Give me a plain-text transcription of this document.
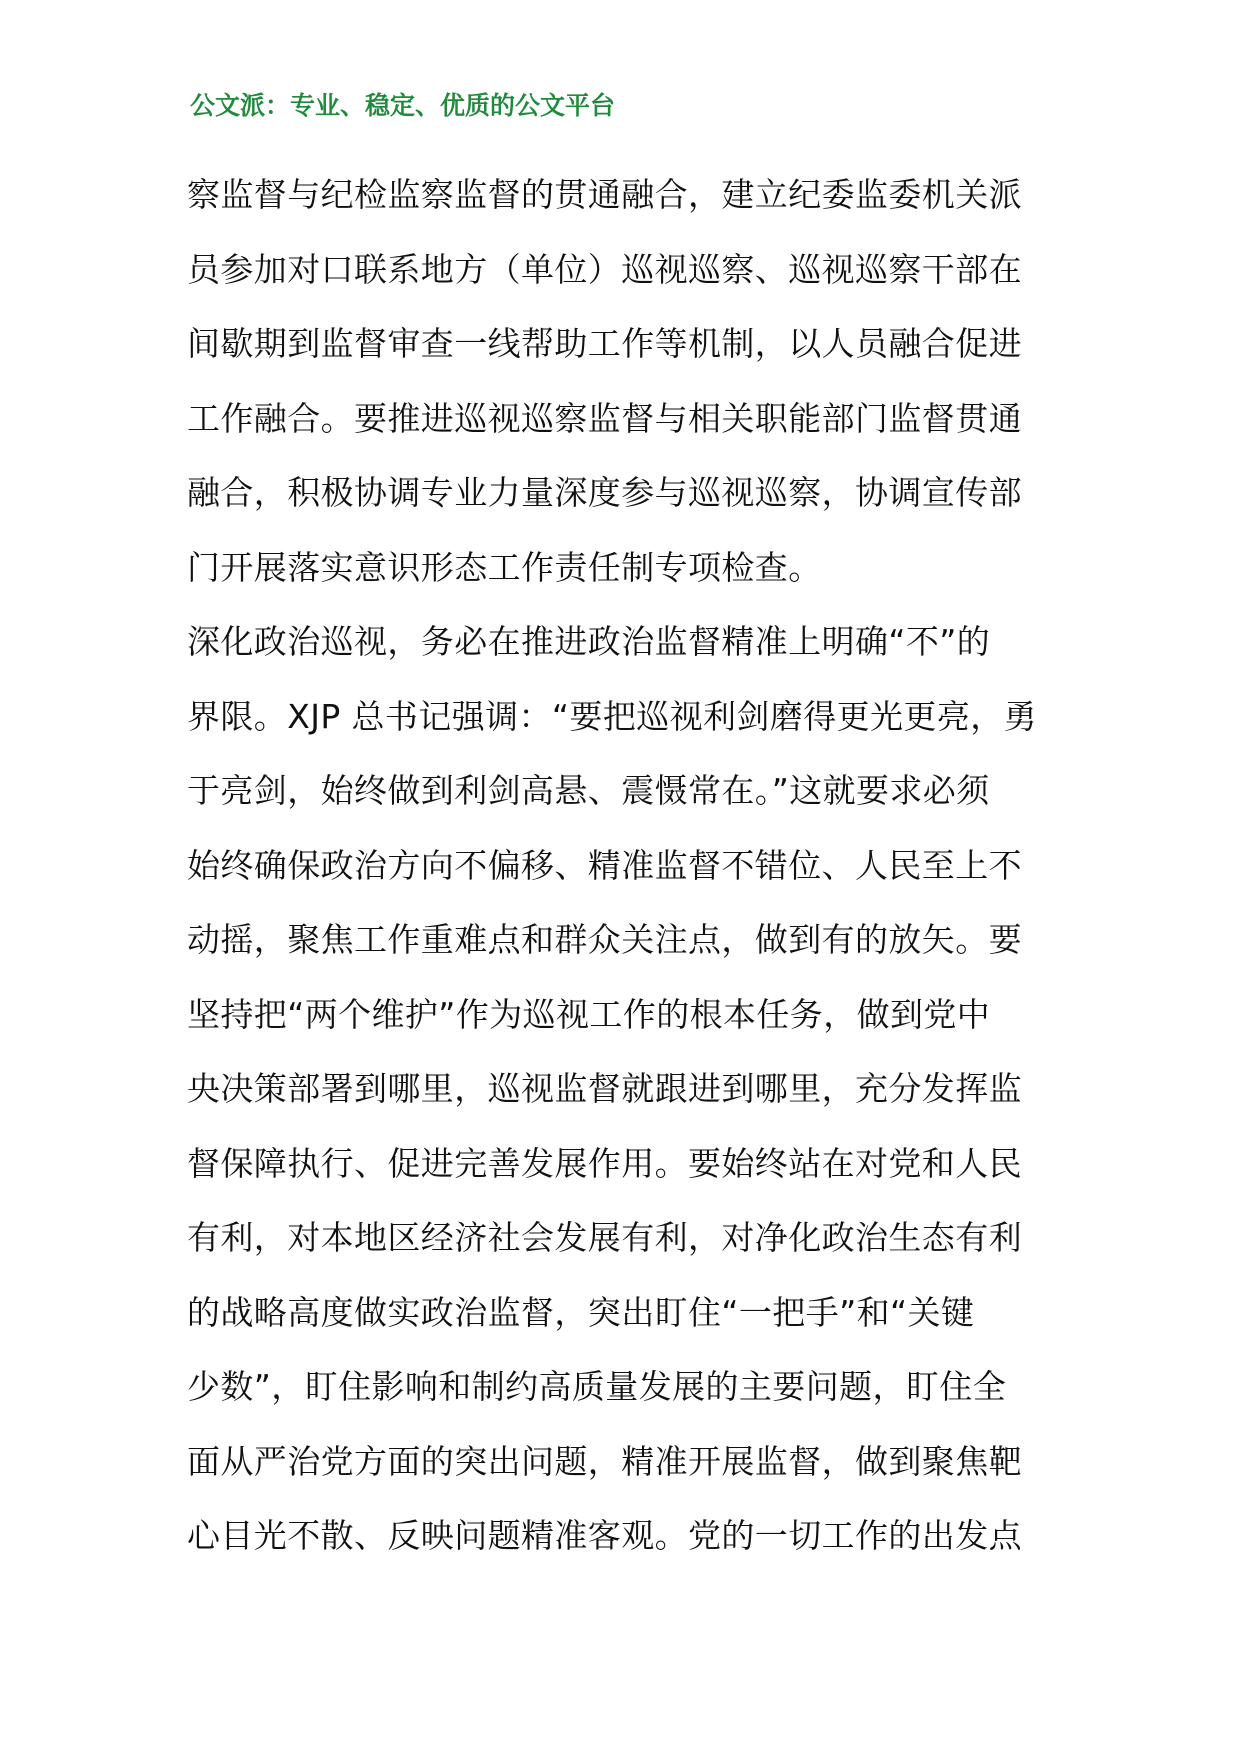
公文派：专业、稳定、优质的公文平台
察监督与纪检监察监督的贯通融合，建立纪委监委机关派
员参加对口联系地方（单位）巡视巡察、巡视巡察干部在
间歇期到监督审查一线帮助工作等机制，以人员融合促进
工作融合。要推进巡视巡察监督与相关职能部门监督贯通
融合，积极协调专业力量深度参与巡视巡察，协调宣传部
门开展落实意识形态工作责任制专项检查。
深化政治巡视，务必在推进政治监督精准上明确“不”的
界限。XJP 总书记强调：“要把巡视利剑磨得更光更亮，勇
于亮剑，始终做到利剑高悬、震慑常在。”这就要求必须
始终确保政治方向不偏移、精准监督不错位、人民至上不
动摇，聚焦工作重难点和群众关注点，做到有的放矢。要
坚持把“两个维护”作为巡视工作的根本任务，做到党中
央决策部署到哪里，巡视监督就跟进到哪里，充分发挥监
督保障执行、促进完善发展作用。要始终站在对党和人民
有利，对本地区经济社会发展有利，对净化政治生态有利
的战略高度做实政治监督，突出盯住“一把手”和“关键
少数”，盯住影响和制约高质量发展的主要问题，盯住全
面从严治党方面的突出问题，精准开展监督，做到聚焦靶
心目光不散、反映问题精准客观。党的一切工作的出发点
